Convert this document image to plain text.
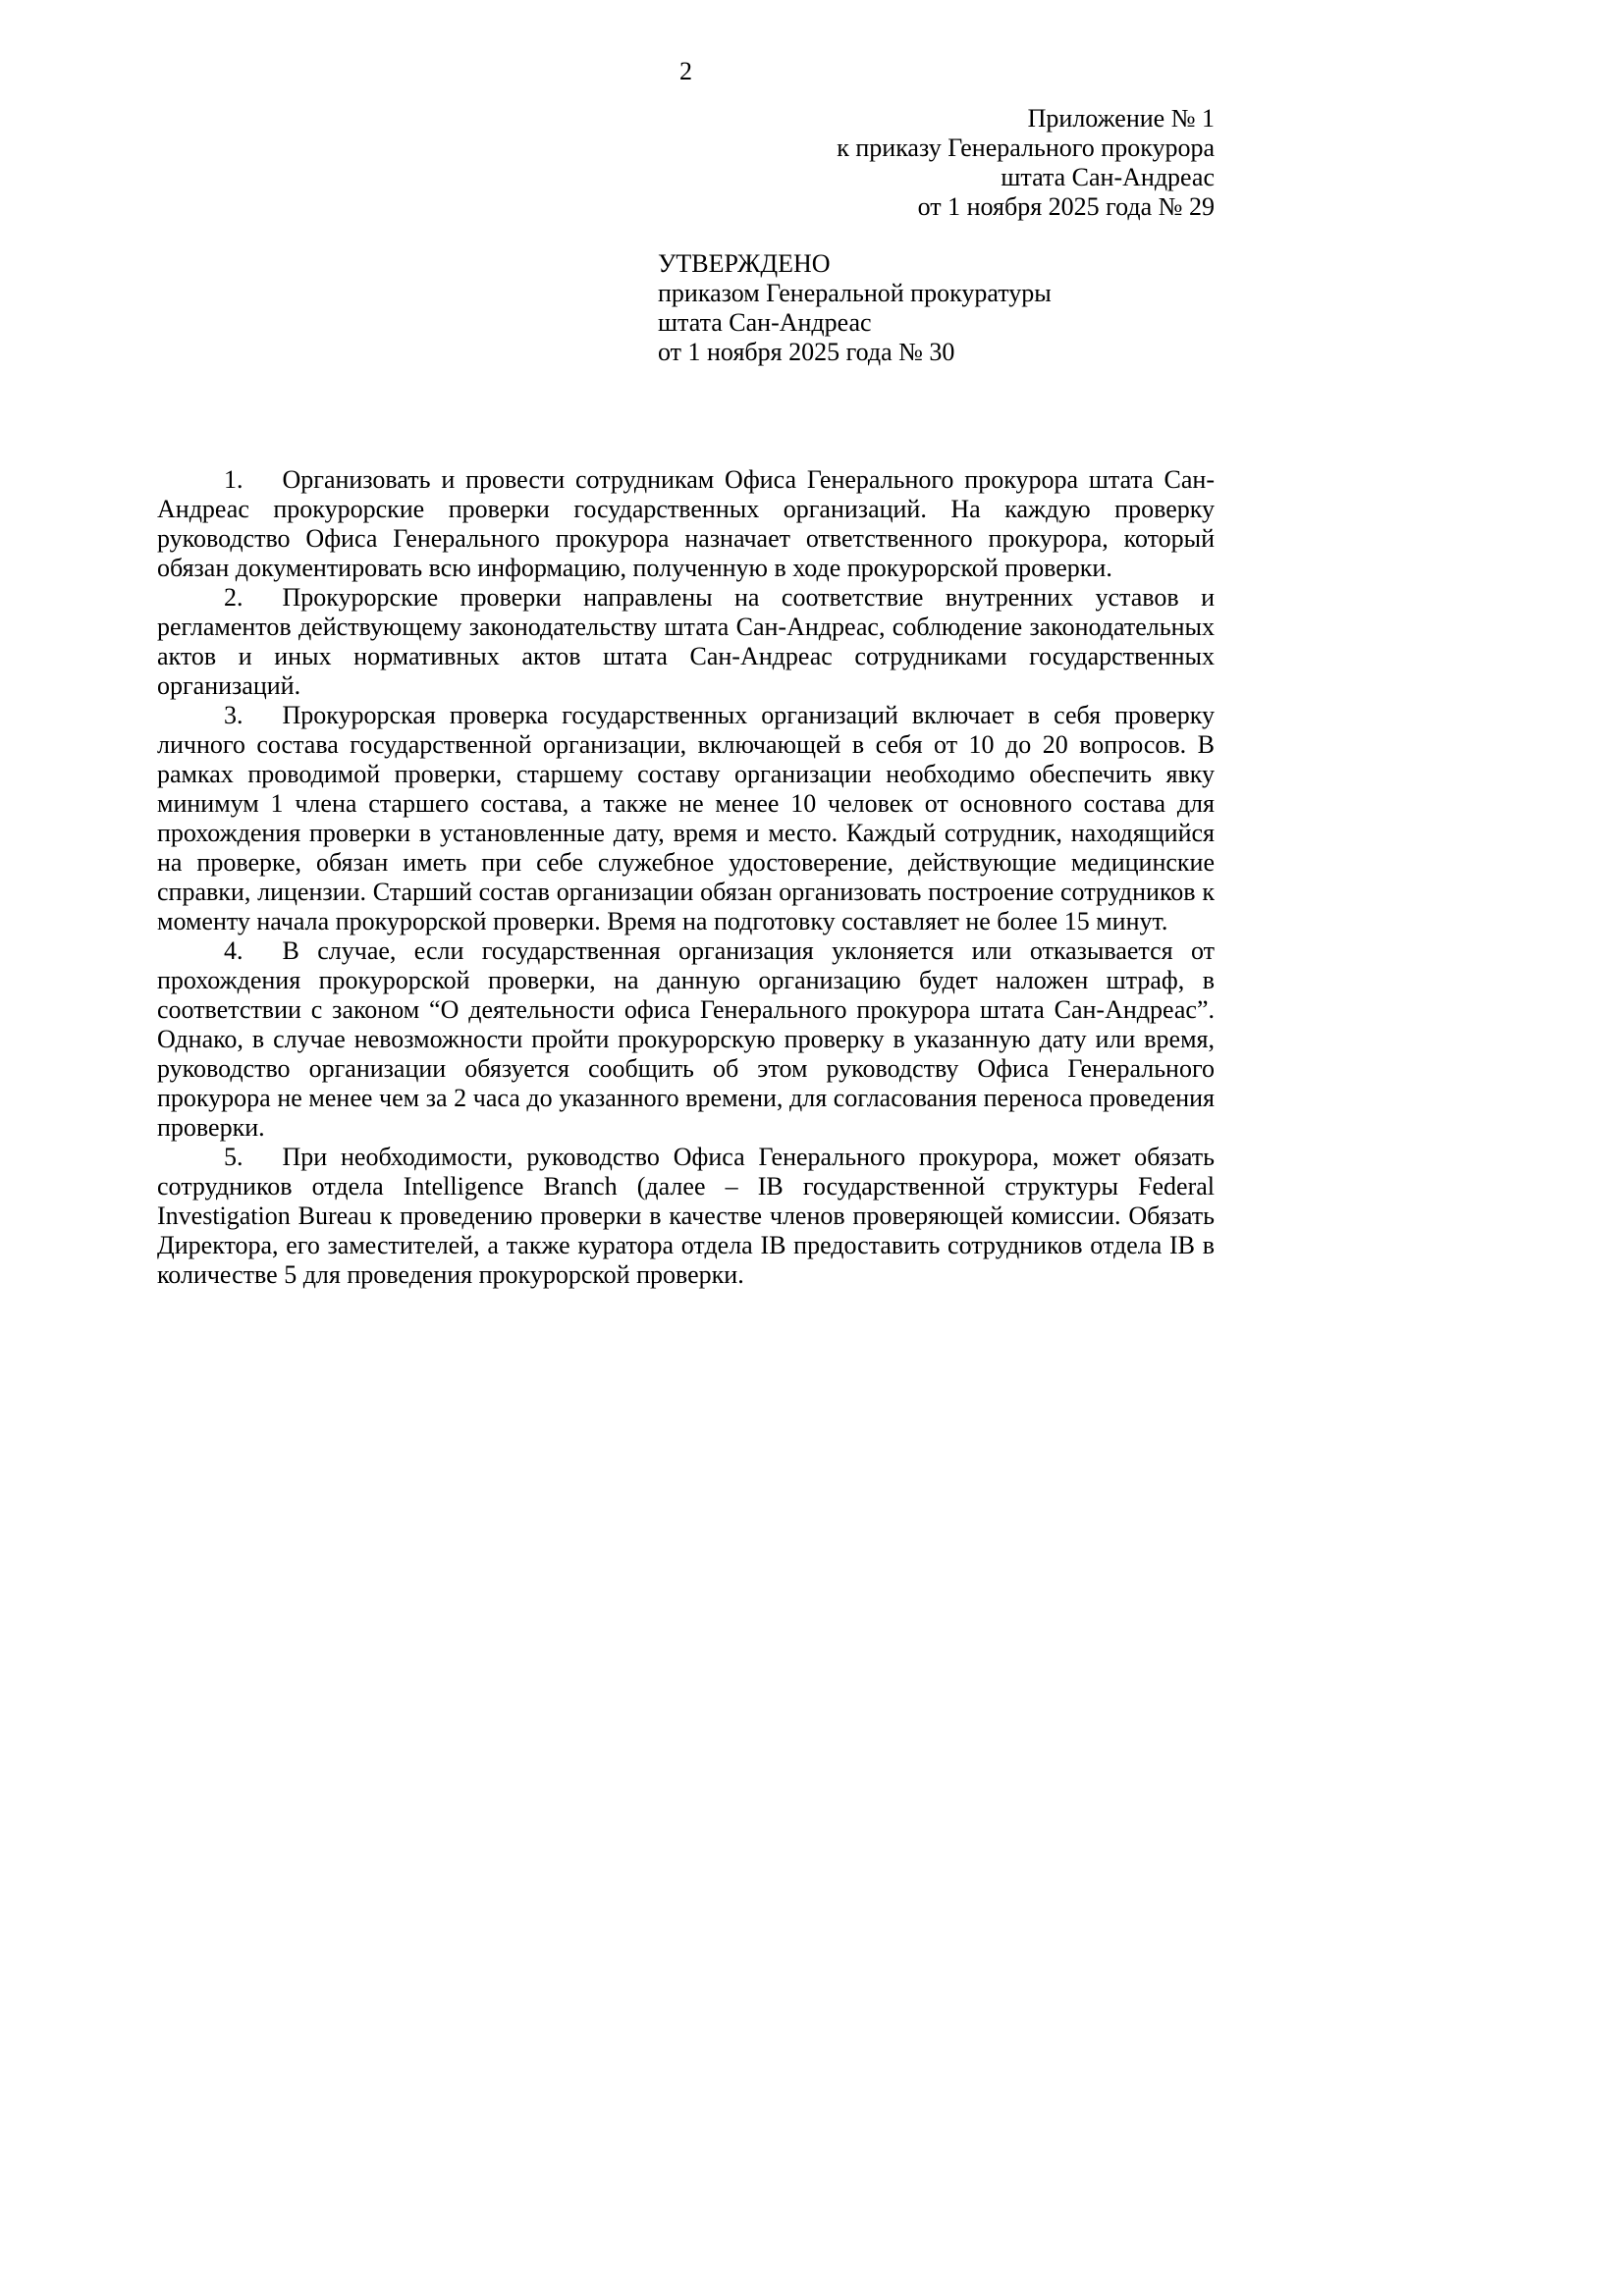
2
Приложение № 1
к приказу Генерального прокурора
штата Сан-Андреас
от 1 ноября 2025 года № 29
УТВЕРЖДЕНО
приказом Генеральной прокуратуры
штата Сан-Андреас
от 1 ноября 2025 года № 30

1. Организовать и провести сотрудникам Офиса Генерального прокурора штата Сан-Андреас прокурорские проверки государственных организаций. На каждую проверку руководство Офиса Генерального прокурора назначает ответственного прокурора, который обязан документировать всю информацию, полученную в ходе прокурорской проверки.

2. Прокурорские проверки направлены на соответствие внутренних уставов и регламентов действующему законодательству штата Сан-Андреас, соблюдение законодательных актов и иных нормативных актов штата Сан-Андреас сотрудниками государственных организаций.

3. Прокурорская проверка государственных организаций включает в себя проверку личного состава государственной организации, включающей в себя от 10 до 20 вопросов. В рамках проводимой проверки, старшему составу организации необходимо обеспечить явку минимум 1 члена старшего состава, а также не менее 10 человек от основного состава для прохождения проверки в установленные дату, время и место. Каждый сотрудник, находящийся на проверке, обязан иметь при себе служебное удостоверение, действующие медицинские справки, лицензии. Старший состав организации обязан организовать построение сотрудников к моменту начала прокурорской проверки. Время на подготовку составляет не более 15 минут.

4. В случае, если государственная организация уклоняется или отказывается от прохождения прокурорской проверки, на данную организацию будет наложен штраф, в соответствии с законом “О деятельности офиса Генерального прокурора штата Сан-Андреас”. Однако, в случае невозможности пройти прокурорскую проверку в указанную дату или время, руководство организации обязуется сообщить об этом руководству Офиса Генерального прокурора не менее чем за 2 часа до указанного времени, для согласования переноса проведения проверки.

5. При необходимости, руководство Офиса Генерального прокурора, может обязать сотрудников отдела Intelligence Branch (далее – IB государственной структуры Federal Investigation Bureau к проведению проверки в качестве членов проверяющей комиссии. Обязать Директора, его заместителей, а также куратора отдела IB предоставить сотрудников отдела IB в количестве 5 для проведения прокурорской проверки.
